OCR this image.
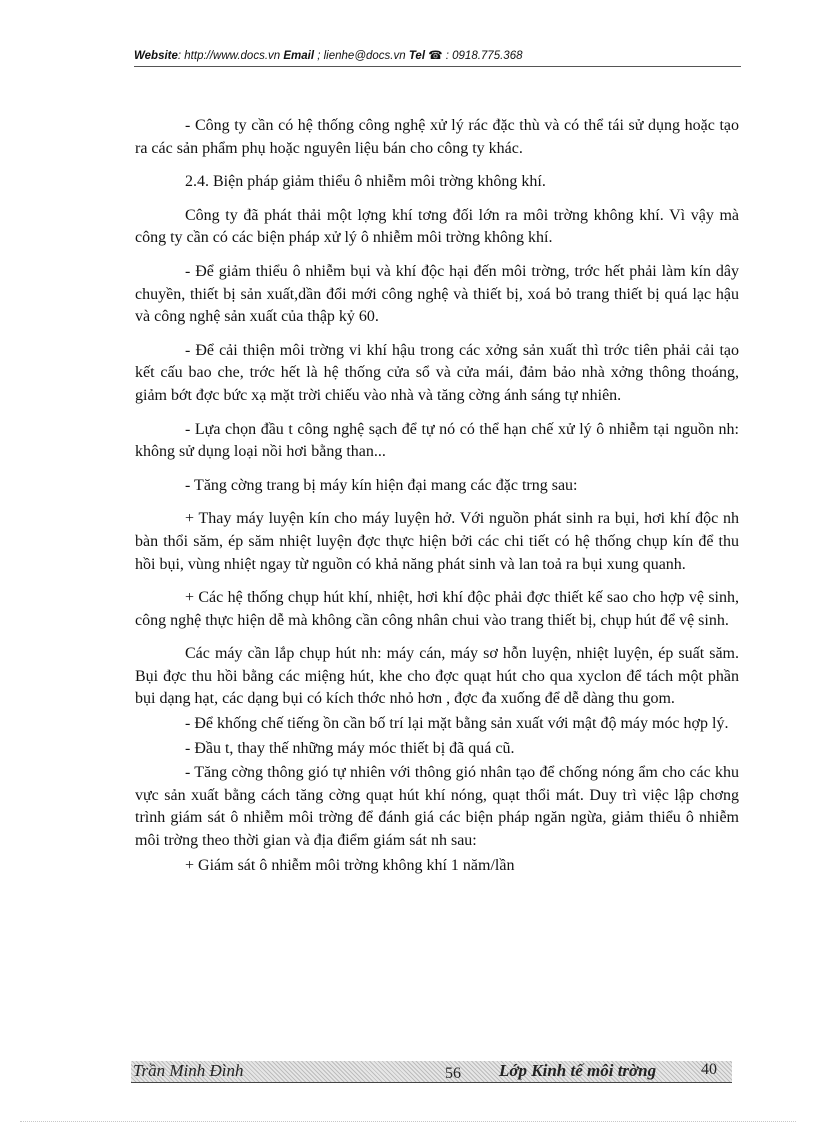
Website: http://www.docs.vn Email ; lienhe@docs.vn Tel ☎ : 0918.775.368

- Công ty cần có hệ thống công nghệ xử lý rác đặc thù và có thể tái sử dụng hoặc tạo ra các sản phẩm phụ hoặc nguyên liệu bán cho công ty khác.

2.4. Biện pháp giảm thiểu ô nhiễm môi trờng không khí.

Công ty đã phát thải một lợng khí tơng đối lớn ra môi trờng không khí. Vì vậy mà công ty cần có các biện pháp xử lý ô nhiễm môi trờng không khí.

- Để giảm thiểu ô nhiễm bụi và khí độc hại đến môi trờng, trớc hết phải làm kín dây chuyền, thiết bị sản xuất,dần đổi mới công nghệ và thiết bị, xoá bỏ trang thiết bị quá lạc hậu và công nghệ sản xuất của thập kỷ 60.

- Để cải thiện môi trờng vi khí hậu trong các xởng sản xuất thì trớc tiên phải cải tạo kết cấu bao che, trớc hết là hệ thống cửa sổ và cửa mái, đảm bảo nhà xởng thông thoáng, giảm bớt đợc bức xạ mặt trời chiếu vào nhà và tăng cờng ánh sáng tự nhiên.

- Lựa chọn đầu t công nghệ sạch để tự nó có thể hạn chế xử lý ô nhiễm tại nguồn nh: không sử dụng loại nồi hơi bằng than...

- Tăng cờng trang bị máy kín hiện đại mang các đặc trng sau:

+ Thay máy luyện kín cho máy luyện hở. Với nguồn phát sinh ra bụi, hơi khí độc nh bàn thổi săm, ép săm nhiệt luyện đợc thực hiện bởi các chi tiết có hệ thống chụp kín để thu hồi bụi, vùng nhiệt ngay từ nguồn có khả năng phát sinh và lan toả ra bụi xung quanh.

+ Các hệ thống chụp hút khí, nhiệt, hơi khí độc phải đợc thiết kế sao cho hợp vệ sinh, công nghệ thực hiện dễ mà không cần công nhân chui vào trang thiết bị, chụp hút để vệ sinh.

Các máy cần lắp chụp hút nh: máy cán, máy sơ hỗn luyện, nhiệt luyện, ép suất săm. Bụi đợc thu hồi bằng các miệng hút, khe cho đợc quạt hút cho qua xyclon để tách một phần bụi dạng hạt, các dạng bụi có kích thớc nhỏ hơn , đợc đa xuống để dễ dàng thu gom.

- Để khống chế tiếng ồn cần bố trí lại mặt bằng sản xuất với mật độ máy móc hợp lý.

- Đầu t, thay thế những máy móc thiết bị đã quá cũ.

- Tăng cờng thông gió tự nhiên với thông gió nhân tạo để chống nóng ẩm cho các khu vực sản xuất bằng cách tăng cờng quạt hút khí nóng, quạt thổi mát. Duy trì việc lập chơng trình giám sát ô nhiễm môi trờng để đánh giá các biện pháp ngăn ngừa, giảm thiểu ô nhiễm môi trờng theo thời gian và địa điểm giám sát nh sau:

+ Giám sát ô nhiễm môi trờng không khí 1 năm/lần

Trần Minh Đình	56 Lớp Kinh tế môi trờng	40
